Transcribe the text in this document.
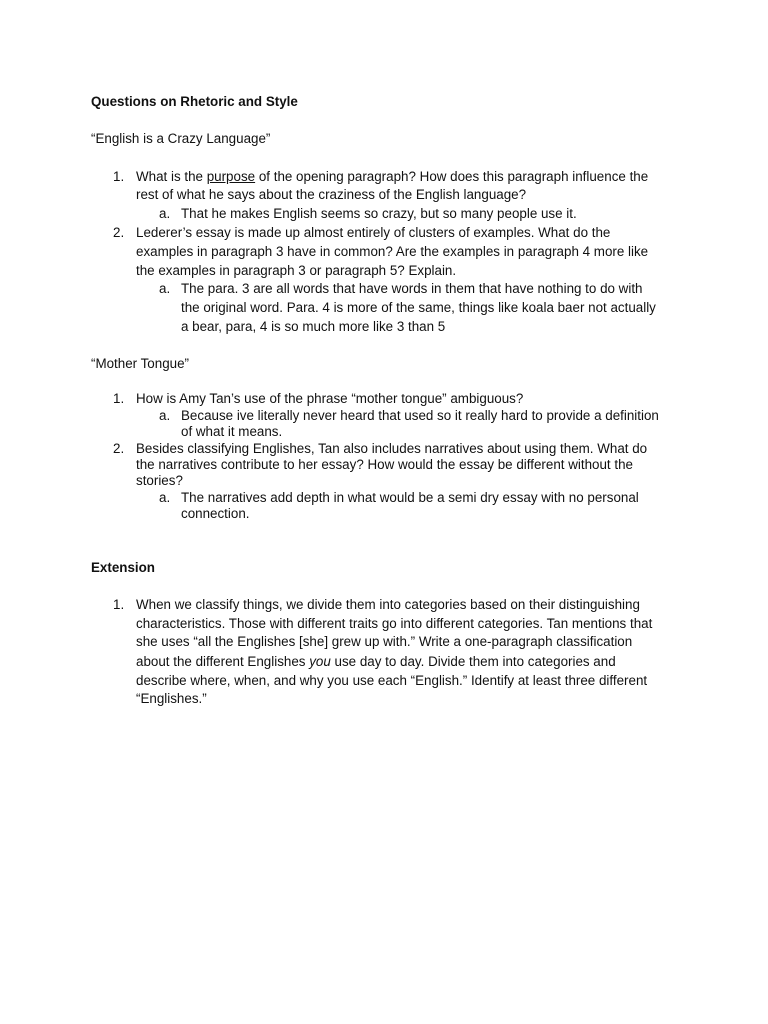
Questions on Rhetoric and Style
“English is a Crazy Language”
1. What is the purpose of the opening paragraph? How does this paragraph influence the
rest of what he says about the craziness of the English language?
a. That he makes English seems so crazy, but so many people use it.
2. Lederer’s essay is made up almost entirely of clusters of examples. What do the
examples in paragraph 3 have in common? Are the examples in paragraph 4 more like
the examples in paragraph 3 or paragraph 5? Explain.
a. The para. 3 are all words that have words in them that have nothing to do with
the original word. Para. 4 is more of the same, things like koala baer not actually
a bear, para, 4 is so much more like 3 than 5
“Mother Tongue”
1. How is Amy Tan’s use of the phrase “mother tongue” ambiguous?
a. Because ive literally never heard that used so it really hard to provide a definition
of what it means.
2. Besides classifying Englishes, Tan also includes narratives about using them. What do
the narratives contribute to her essay? How would the essay be different without the
stories?
a. The narratives add depth in what would be a semi dry essay with no personal
connection.
Extension
1. When we classify things, we divide them into categories based on their distinguishing
characteristics. Those with different traits go into different categories. Tan mentions that
she uses “all the Englishes [she] grew up with.” Write a one-paragraph classification
about the different Englishes you use day to day. Divide them into categories and
describe where, when, and why you use each “English.” Identify at least three different
“Englishes.”
